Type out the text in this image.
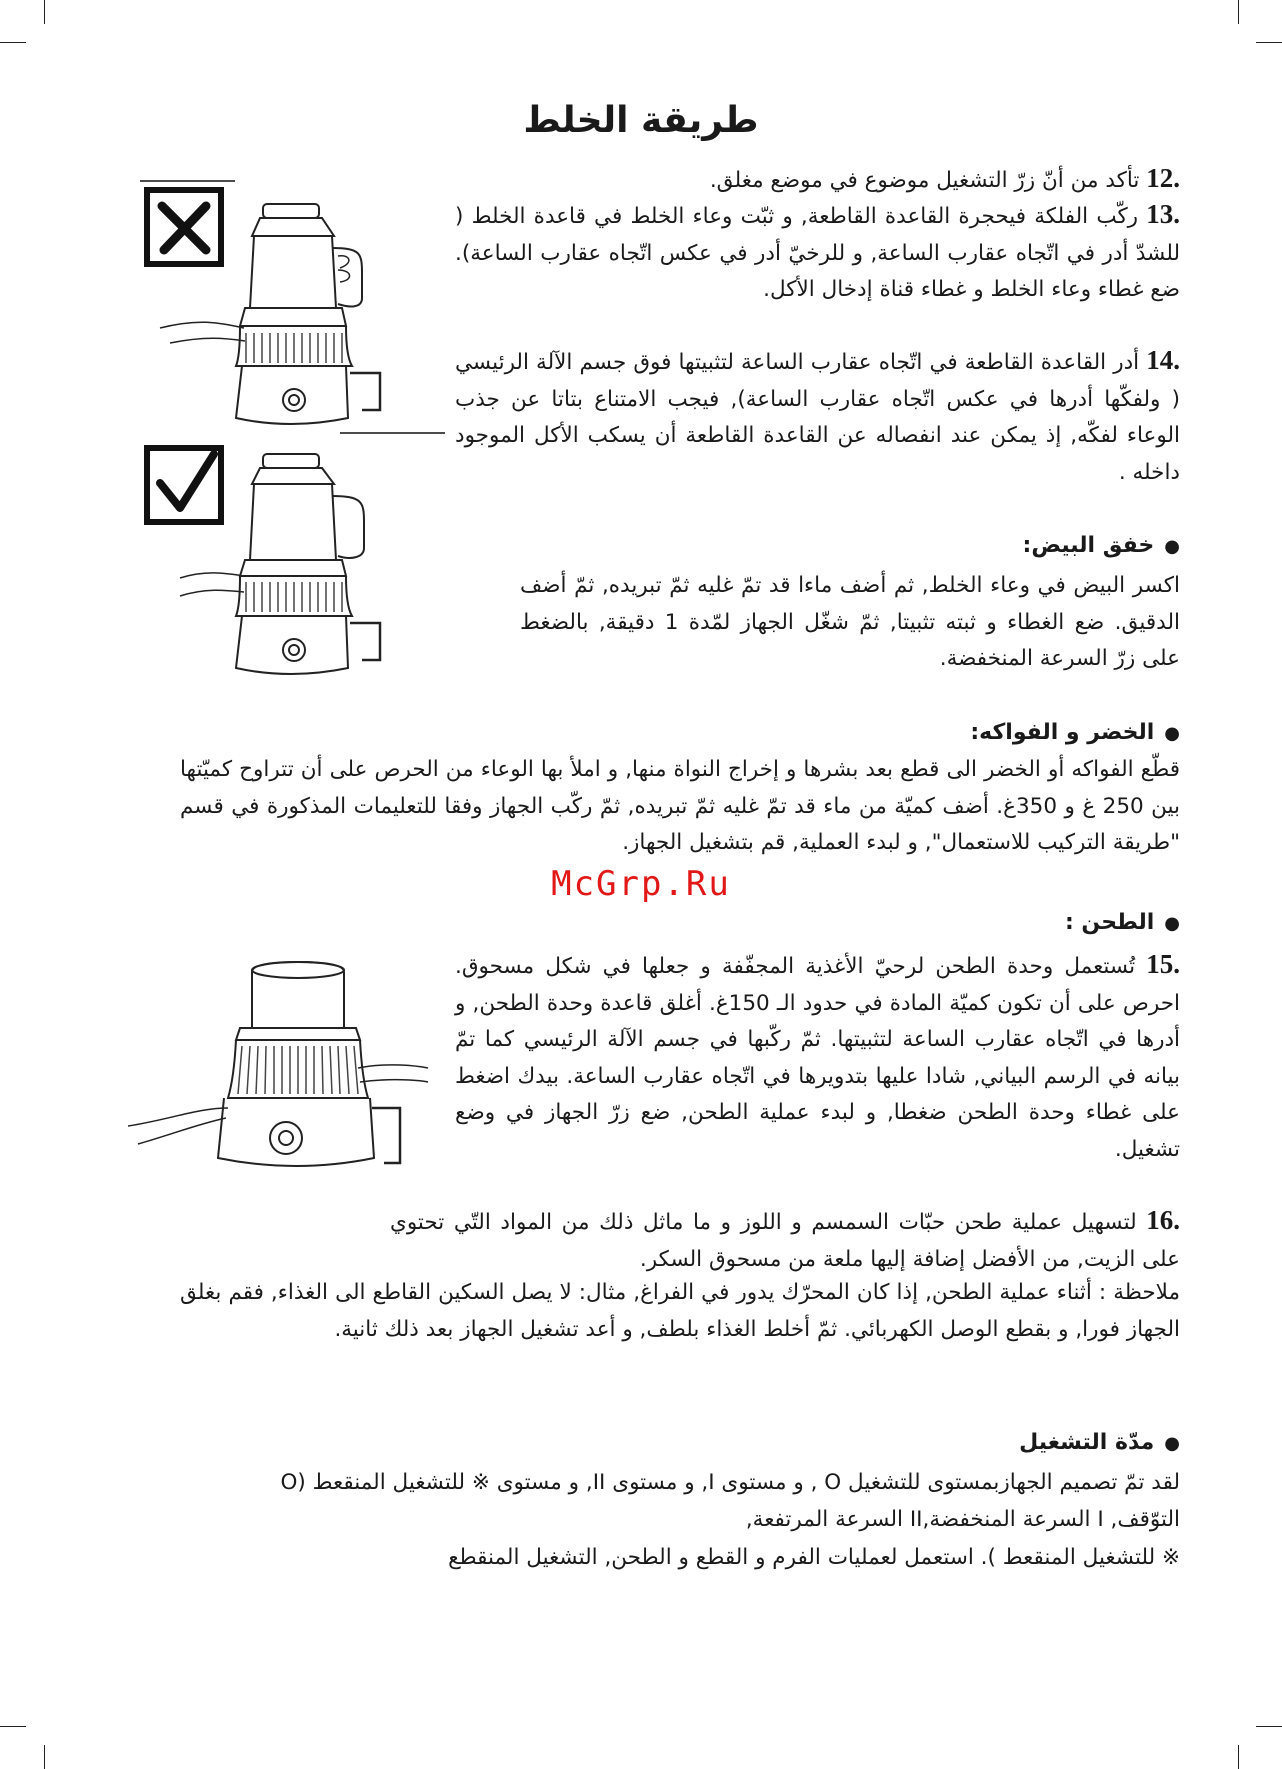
طريقة الخلط

.12 تأكد من أنّ زرّ التشغيل موضوع في موضع مغلق.

.13 ركّب الفلكة فيحجرة القاعدة القاطعة, و ثبّت وعاء الخلط في قاعدة الخلط ( للشدّ أدر في اتّجاه عقارب الساعة, و للرخيّ أدر في عكس اتّجاه عقارب الساعة). ضع غطاء وعاء الخلط و غطاء قناة إدخال الأكل.

.14 أدر القاعدة القاطعة في اتّجاه عقارب الساعة لتثبيتها فوق جسم الآلة الرئيسي ( ولفكّها أدرها في عكس اتّجاه عقارب الساعة), فيجب الامتناع بتاتا عن جذب الوعاء لفكّه, إذ يمكن عند انفصاله عن القاعدة القاطعة أن يسكب الأكل الموجود داخله .

●خفق البيض:

اكسر البيض في وعاء الخلط, ثم أضف ماءا قد تمّ غليه ثمّ تبريده, ثمّ أضف الدقيق. ضع الغطاء و ثبته تثبيتا, ثمّ شغّل الجهاز لمّدة 1 دقيقة, بالضغط على زرّ السرعة المنخفضة.

●الخضر و الفواكه:

قطّع الفواكه أو الخضر الى قطع بعد بشرها و إخراج النواة منها, و املأ بها الوعاء من الحرص على أن تتراوح كميّتها بين 250 غ و 350غ. أضف كميّة من ماء قد تمّ غليه ثمّ تبريده, ثمّ ركّب الجهاز وفقا للتعليمات المذكورة في قسم "طريقة التركيب للاستعمال", و لبدء العملية, قم بتشغيل الجهاز.

McGrp.Ru

●الطحن :

.15 تُستعمل وحدة الطحن لرحيّ الأغذية المجفّفة و جعلها في شكل مسحوق. احرص على أن تكون كميّة المادة في حدود الـ 150غ. أغلق قاعدة وحدة الطحن, و أدرها في اتّجاه عقارب الساعة لتثبيتها. ثمّ ركّبها في جسم الآلة الرئيسي كما تمّ بيانه في الرسم البياني, شادا عليها بتدويرها في اتّجاه عقارب الساعة. بيدك اضغط على غطاء وحدة الطحن ضغطا, و لبدء عملية الطحن, ضع زرّ الجهاز في وضع تشغيل.

.16 لتسهيل عملية طحن حبّات السمسم و اللوز و ما ماثل ذلك من المواد التّي تحتوي على الزيت, من الأفضل إضافة إليها ملعة من مسحوق السكر.

ملاحظة : أثناء عملية الطحن, إذا كان المحرّك يدور في الفراغ, مثال: لا يصل السكين القاطع الى الغذاء, فقم بغلق الجهاز فورا, و بقطع الوصل الكهربائي. ثمّ أخلط الغذاء بلطف, و أعد تشغيل الجهاز بعد ذلك ثانية.

●مدّة التشغيل

لقد تمّ تصميم الجهازبمستوى للتشغيل O , و مستوى I, و مستوى II, و مستوى ※ للتشغيل المنقعط (O

التوّقف, I السرعة المنخفضة,II السرعة المرتفعة,

※ للتشغيل المنقعط ). استعمل لعمليات الفرم و القطع و الطحن, التشغيل المنقطع
